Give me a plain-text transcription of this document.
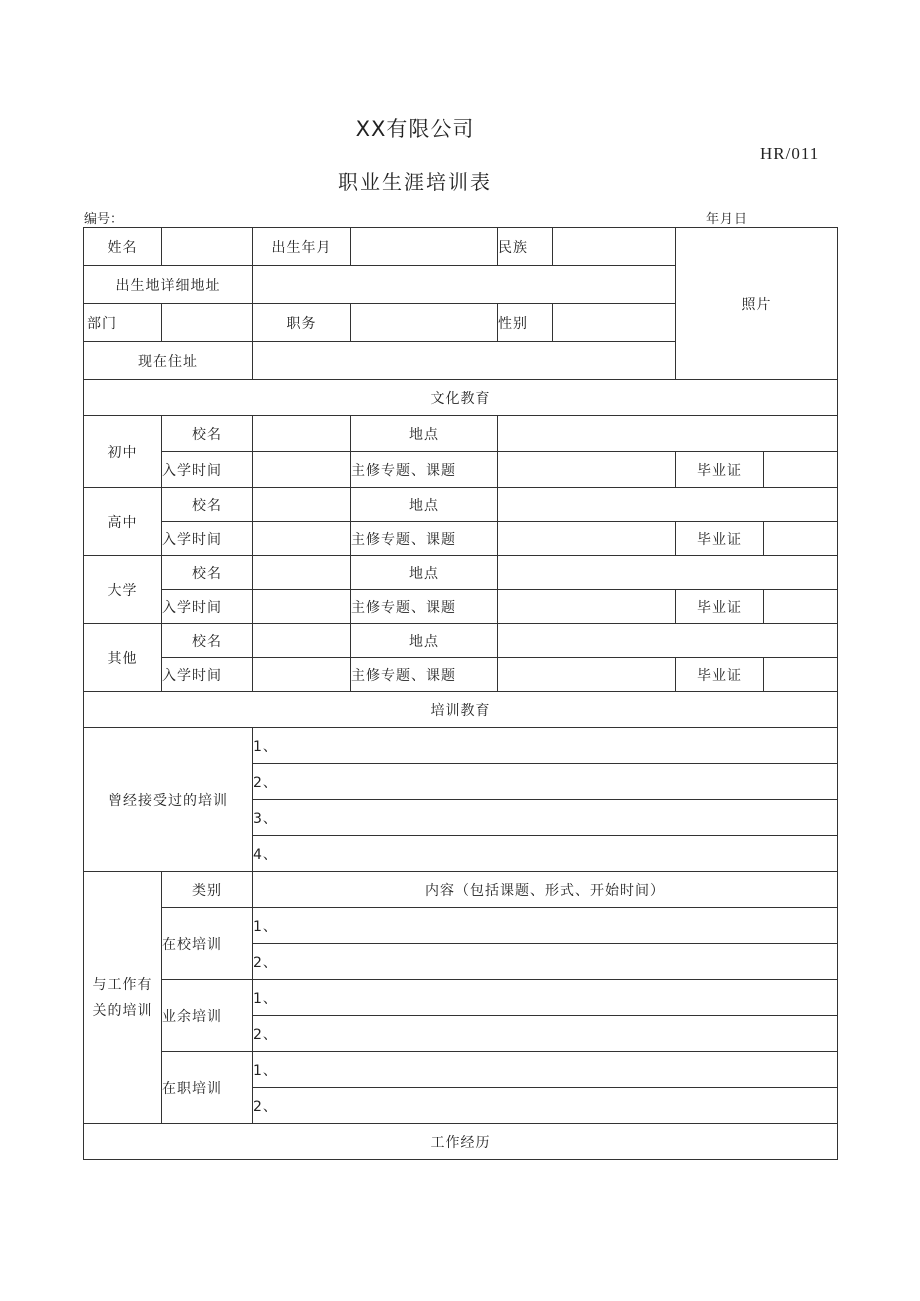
XX有限公司
HR/011
职业生涯培训表
编号：	年月日
姓名		出生年月		民族		照片	
出生地详细地址							
部门		职务		性别			
现在住址							
文化教育							
初中	校名		地点				
	入学时间		主修专题、课题			毕业证	
高中	校名		地点				
	入学时间		主修专题、课题			毕业证	
大学	校名		地点				
	入学时间		主修专题、课题			毕业证	
其他	校名		地点				
	入学时间		主修专题、课题			毕业证	
培训教育							
曾经接受过的培训		1、					
		2、					
		3、					
		4、					
与工作有关的培训	类别	内容（包括课题、形式、开始时间）					
	在校培训	1、					
		2、					
	业余培训	1、					
		2、					
	在职培训	1、					
		2、					
工作经历							
